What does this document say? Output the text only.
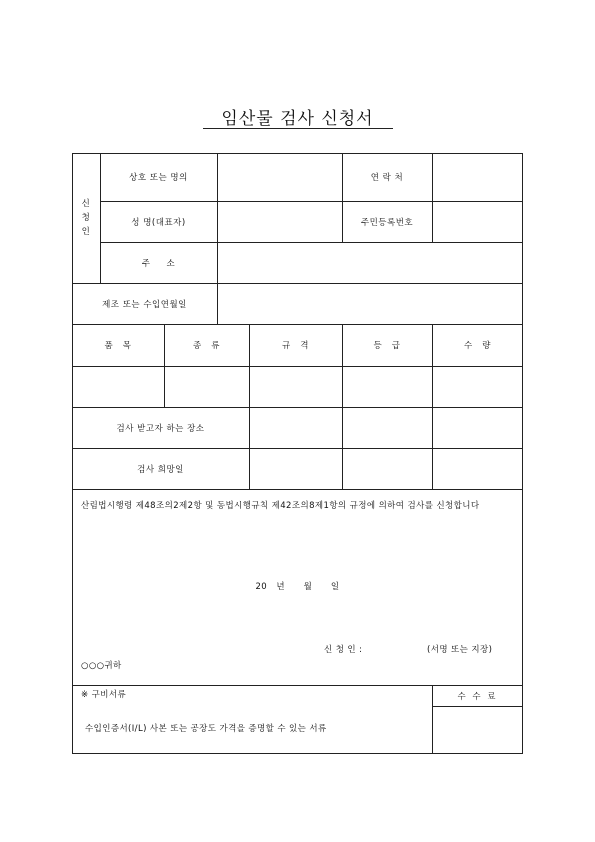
임산물 검사 신청서
신
청
인
상호 또는 명의	연 락 처
성 명(대표자)	주민등록번호
주     소
제조 또는 수입연월일
품   목	종   류	규   격	등   급	수   량
검사 받고자 하는 장소
검사 희망일
산림법시행령 제48조의2제2항 및 동법시행규칙 제42조의8제1항의 규정에 의하여 검사를 신청합니다
20   년      월      일
신 청 인 :	(서명 또는 지장)
○○○귀하
※ 구비서류
수입인증서(I/L) 사본 또는 공장도 가격을 증명할 수 있는 서류
수 수 료
